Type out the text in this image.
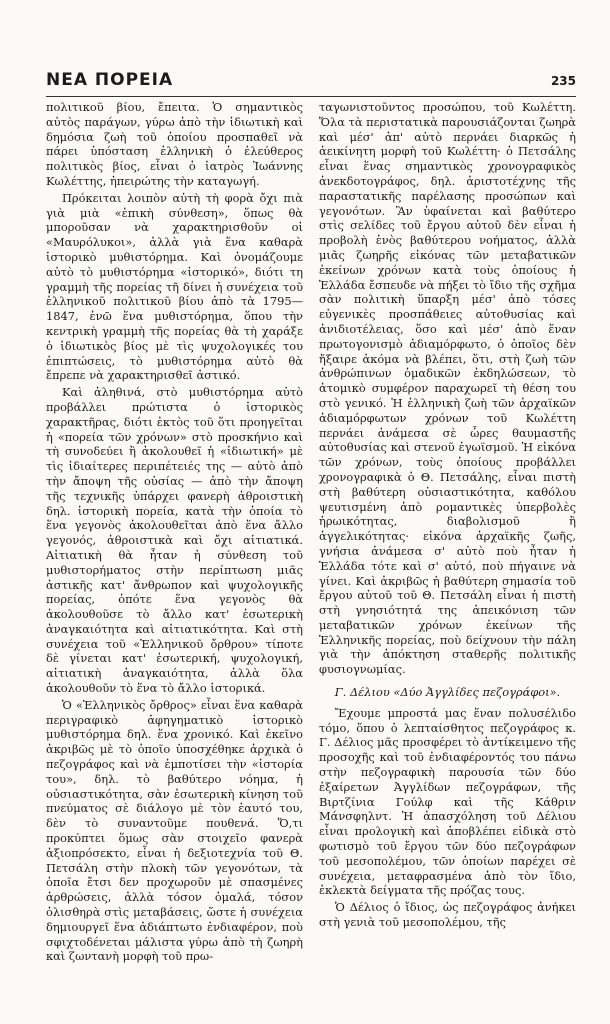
ΝΕΑ ΠΟΡΕΙΑ	235

πολιτικοῦ βίου, ἔπειτα. Ὁ σημαντικὸς αὐτὸς παράγων, γύρω ἀπὸ τὴν ἰδιωτικὴ καὶ δημόσια ζωὴ τοῦ ὁποίου προσπαθεῖ νὰ πάρει ὑπόσταση ἑλληνικὴ ὁ ἐλεύθερος πολιτικὸς βίος, εἶναι ὁ ἰατρὸς Ἰωάννης Κωλέττης, ἠπειρώτης τὴν καταγωγή.

Πρόκειται λοιπὸν αὐτὴ τὴ φορὰ ὄχι πιὰ γιὰ μιὰ «ἐπικὴ σύνθεση», ὅπως θὰ μποροῦσαν νὰ χαρακτηρισθοῦν οἱ «Μαυρόλυκοι», ἀλλὰ γιὰ ἕνα καθαρὰ ἱστορικὸ μυθιστόρημα. Καὶ ὀνομάζουμε αὐτὸ τὸ μυθιστόρημα «ἱστορικό», διότι τη γραμμὴ τῆς πορείας τῆ δίνει ἡ συνέχεια τοῦ ἑλληνικοῦ πολιτικοῦ βίου ἀπὸ τὰ 1795—1847, ἐνῶ ἕνα μυθιστόρημα, ὅπου τὴν κεντρικὴ γραμμὴ τῆς πορείας θὰ τὴ χαράξε ὁ ἰδιωτικὸς βίος μὲ τὶς ψυχολογικές του ἐπιπτώσεις, τὸ μυθιστόρημα αὐτὸ θὰ ἔπρεπε νὰ χαρακτηρισθεῖ ἀστικό.

Καὶ ἀληθινά, στὸ μυθιστόρημα αὐτὸ προβάλλει πρώτιστα ὁ ἱστορικὸς χαρακτῆρας, διότι ἐκτὸς τοῦ ὅτι προηγεῖται ἡ «πορεία τῶν χρόνων» στὸ προσκήνιο καὶ τὴ συνοδεύει ἢ ἀκολουθεῖ ἡ «ἰδιωτική» μὲ τὶς ἰδιαίτερες περιπέτειές της — αὐτὸ ἀπὸ τὴν ἄποψη τῆς οὐσίας — ἀπὸ τὴν ἄποψη τῆς τεχνικῆς ὑπάρχει φανερὴ ἀθροιστικὴ δηλ. ἱστορικὴ πορεία, κατὰ τὴν ὁποία τὸ ἕνα γεγονὸς ἀκολουθεῖται ἀπὸ ἕνα ἄλλο γεγονός, ἀθροιστικὰ καὶ ὄχι αἰτιατικά. Αἰτιατικὴ θὰ ἦταν ἡ σύνθεση τοῦ μυθιστορήματος στὴν περίπτωση μιᾶς ἀστικῆς κατ' ἄνθρωπον καὶ ψυχολογικῆς πορείας, ὁπότε ἕνα γεγονὸς θὰ ἀκολουθοῦσε τὸ ἄλλο κατ' ἐσωτερικὴ ἀναγκαιότητα καὶ αἰτιατικότητα. Καὶ στὴ συνέχεια τοῦ «Ἑλληνικοῦ ὄρθρου» τίποτε δὲ γίνεται κατ' ἐσωτερική, ψυχολογική, αἰτιατικὴ ἀναγκαιότητα, ἀλλὰ ὅλα ἀκολουθοῦν τὸ ἕνα τὸ ἄλλο ἱστορικά.

Ὁ «Ἑλληνικὸς ὄρθρος» εἶναι ἕνα καθαρὰ περιγραφικὸ ἀφηγηματικὸ ἱστορικὸ μυθιστόρημα δηλ. ἕνα χρονικό. Καὶ ἐκεῖνο ἀκριβῶς μὲ τὸ ὁποῖο ὑποσχέθηκε ἀρχικὰ ὁ πεζογράφος καὶ νὰ ἐμποτίσει τὴν «ἱστορία του», δηλ. τὸ βαθύτερο νόημα, ἡ οὐσιαστικότητα, σὰν ἐσωτερικὴ κίνηση τοῦ πνεύματος σὲ διάλογο μὲ τὸν ἑαυτό του, δὲν τὸ συναντοῦμε πουθενά. Ὅ,τι προκύπτει ὅμως σὰν στοιχεῖο φανερὰ ἀξιοπρόσεκτο, εἶναι ἡ δεξιοτεχνία τοῦ Θ. Πετσάλη στὴν πλοκὴ τῶν γεγονότων, τὰ ὁποῖα ἔτσι δεν προχωροῦν μὲ σπασμένες ἀρθρώσεις, ἀλλὰ τόσον ὁμαλά, τόσον ὀλισθηρὰ στὶς μεταβάσεις, ὥστε ἡ συνέχεια δημιουργεῖ ἕνα ἀδιάπτωτο ἐνδιαφέρον, ποὺ σφιχτοδένεται μάλιστα γύρω ἀπὸ τὴ ζωηρὴ καὶ ζωντανὴ μορφὴ τοῦ πρω-

ταγωνιστοῦντος προσώπου, τοῦ Κωλέττη. Ὅλα τὰ περιστατικὰ παρουσιάζονται ζωηρὰ καὶ μέσ' ἀπ' αὐτὸ περνάει διαρκῶς ἡ ἀεικίνητη μορφὴ τοῦ Κωλέττη· ὁ Πετσάλης εἶναι ἕνας σημαντικὸς χρονογραφικὸς ἀνεκδοτογράφος, δηλ. ἀριστοτέχνης τῆς παραστατικῆς παρέλασης προσώπων καὶ γεγονότων. Ἂν ὑφαίνεται καὶ βαθύτερο στὶς σελίδες τοῦ ἔργου αὐτοῦ δὲν εἶναι ἡ προβολὴ ἑνὸς βαθύτερου νοήματος, ἀλλὰ μιᾶς ζωηρῆς εἰκόνας τῶν μεταβατικῶν ἐκείνων χρόνων κατὰ τοὺς ὁποίους ἡ Ἑλλάδα ἔσπευδε νὰ πήξει τὸ ἴδιο τῆς σχῆμα σὰν πολιτικὴ ὕπαρξη μέσ' ἀπὸ τόσες εὐγενικὲς προσπάθειες αὐτοθυσίας καὶ ἀνιδιοτέλειας, ὅσο καὶ μέσ' ἀπὸ ἕναν πρωτογονισμὸ ἀδιαμόρφωτο, ὁ ὁποῖος δὲν ἤξαιρε ἀκόμα νὰ βλέπει, ὅτι, στὴ ζωὴ τῶν ἀνθρώπινων ὁμαδικῶν ἐκδηλώσεων, τὸ ἀτομικὸ συμφέρον παραχωρεῖ τὴ θέση του στὸ γενικό. Ἡ ἑλληνικὴ ζωὴ τῶν ἀρχαϊκῶν ἀδιαμόρφωτων χρόνων τοῦ Κωλέττη περνάει ἀνάμεσα σὲ ὧρες θαυμαστῆς αὐτοθυσίας καὶ στενοῦ ἐγωϊσμοῦ. Ἡ εἰκόνα τῶν χρόνων, τοὺς ὁποίους προβάλλει χρονογραφικὰ ὁ Θ. Πετσάλης, εἶναι πιστὴ στὴ βαθύτερη οὐσιαστικότητα, καθόλου ψευτισμένη ἀπὸ ρομαντικὲς ὑπερβολὲς ἡρωικότητας, διαβολισμοῦ ἢ ἀγγελικότητας· εἰκόνα ἀρχαϊκῆς ζωῆς, γνήσια ἀνάμεσα σ' αὐτὸ ποὺ ἦταν ἡ Ἑλλάδα τότε καὶ σ' αὐτό, ποὺ πήγαινε νὰ γίνει. Καὶ ἀκριβῶς ἡ βαθύτερη σημασία τοῦ ἔργου αὐτοῦ τοῦ Θ. Πετσάλη εἶναι ἡ πιστὴ στὴ γνησιότητά της ἀπεικόνιση τῶν μεταβατικῶν χρόνων ἐκείνων τῆς Ἑλληνικῆς πορείας, ποὺ δείχνουν τὴν πάλη γιὰ τὴν ἀπόκτηση σταθερῆς πολιτικῆς φυσιογνωμίας.

Γ. Δέλιου «Δύο Ἀγγλίδες πεζογράφοι».

Ἔχουμε μπροστά μας ἕναν πολυσέλιδο τόμο, ὅπου ὁ λεπταίσθητος πεζογράφος κ. Γ. Δέλιος μᾶς προσφέρει τὸ ἀντίκειμενο τῆς προσοχῆς καὶ τοῦ ἐνδιαφέροντός του πάνω στὴν πεζογραφικὴ παρουσία τῶν δύο ἐξαίρετων Ἀγγλίδων πεζογράφων, τῆς Βιρτζίνια Γούλφ καὶ τῆς Κάθριν Μάνσφηλντ. Ἡ ἀπασχόληση τοῦ Δέλιου εἶναι προλογικὴ καὶ ἀποβλέπει εἰδικὰ στὸ φωτισμὸ τοῦ ἔργου τῶν δύο πεζογράφων τοῦ μεσοπολέμου, τῶν ὁποίων παρέχει σὲ συνέχεια, μεταφρασμένα ἀπὸ τὸν ἴδιο, ἐκλεκτὰ δείγματα τῆς πρόζας τους.

Ὁ Δέλιος ὁ ἴδιος, ὡς πεζογράφος ἀνήκει στὴ γενιὰ τοῦ μεσοπολέμου, τῆς
